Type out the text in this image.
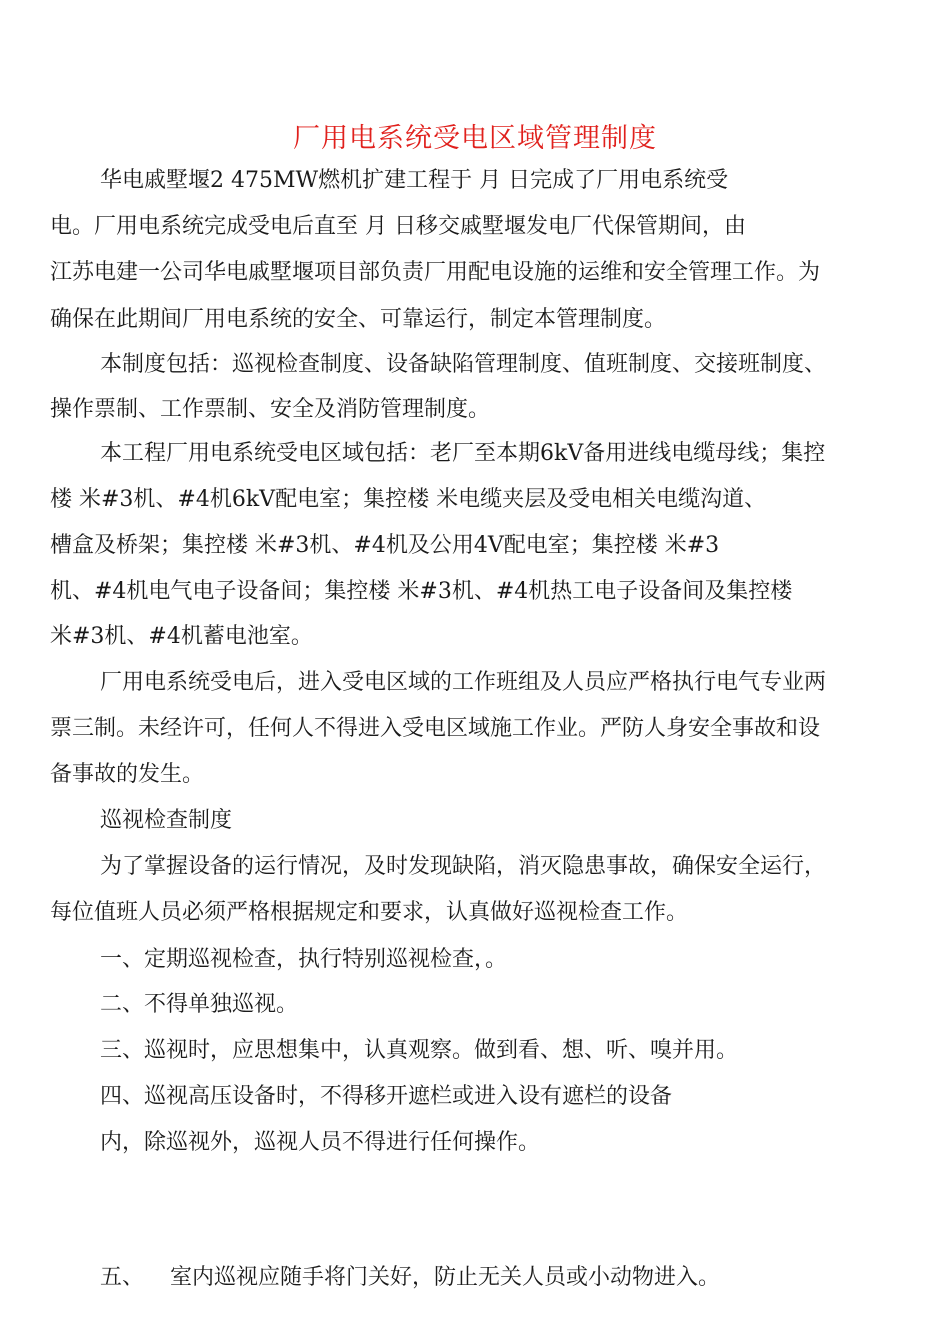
厂用电系统受电区域管理制度
华电戚墅堰2 475MW燃机扩建工程于 月 日完成了厂用电系统受
电。厂用电系统完成受电后直至 月 日移交戚墅堰发电厂代保管期间，由
江苏电建一公司华电戚墅堰项目部负责厂用配电设施的运维和安全管理工作。为
确保在此期间厂用电系统的安全、可靠运行，制定本管理制度。
本制度包括：巡视检查制度、设备缺陷管理制度、值班制度、交接班制度、
操作票制、工作票制、安全及消防管理制度。
本工程厂用电系统受电区域包括：老厂至本期6kV备用进线电缆母线；集控
楼 米#3机、#4机6kV配电室；集控楼 米电缆夹层及受电相关电缆沟道、
槽盒及桥架；集控楼 米#3机、#4机及公用4V配电室；集控楼 米#3
机、#4机电气电子设备间；集控楼 米#3机、#4机热工电子设备间及集控楼
米#3机、#4机蓄电池室。
厂用电系统受电后，进入受电区域的工作班组及人员应严格执行电气专业两
票三制。未经许可，任何人不得进入受电区域施工作业。严防人身安全事故和设
备事故的发生。
巡视检查制度
为了掌握设备的运行情况，及时发现缺陷，消灭隐患事故，确保安全运行，
每位值班人员必须严格根据规定和要求，认真做好巡视检查工作。
一、定期巡视检查，执行特别巡视检查，。
二、不得单独巡视。
三、巡视时，应思想集中，认真观察。做到看、想、听、嗅并用。
四、巡视高压设备时，不得移开遮栏或进入设有遮栏的设备
内，除巡视外，巡视人员不得进行任何操作。
五、 室内巡视应随手将门关好，防止无关人员或小动物进入。
